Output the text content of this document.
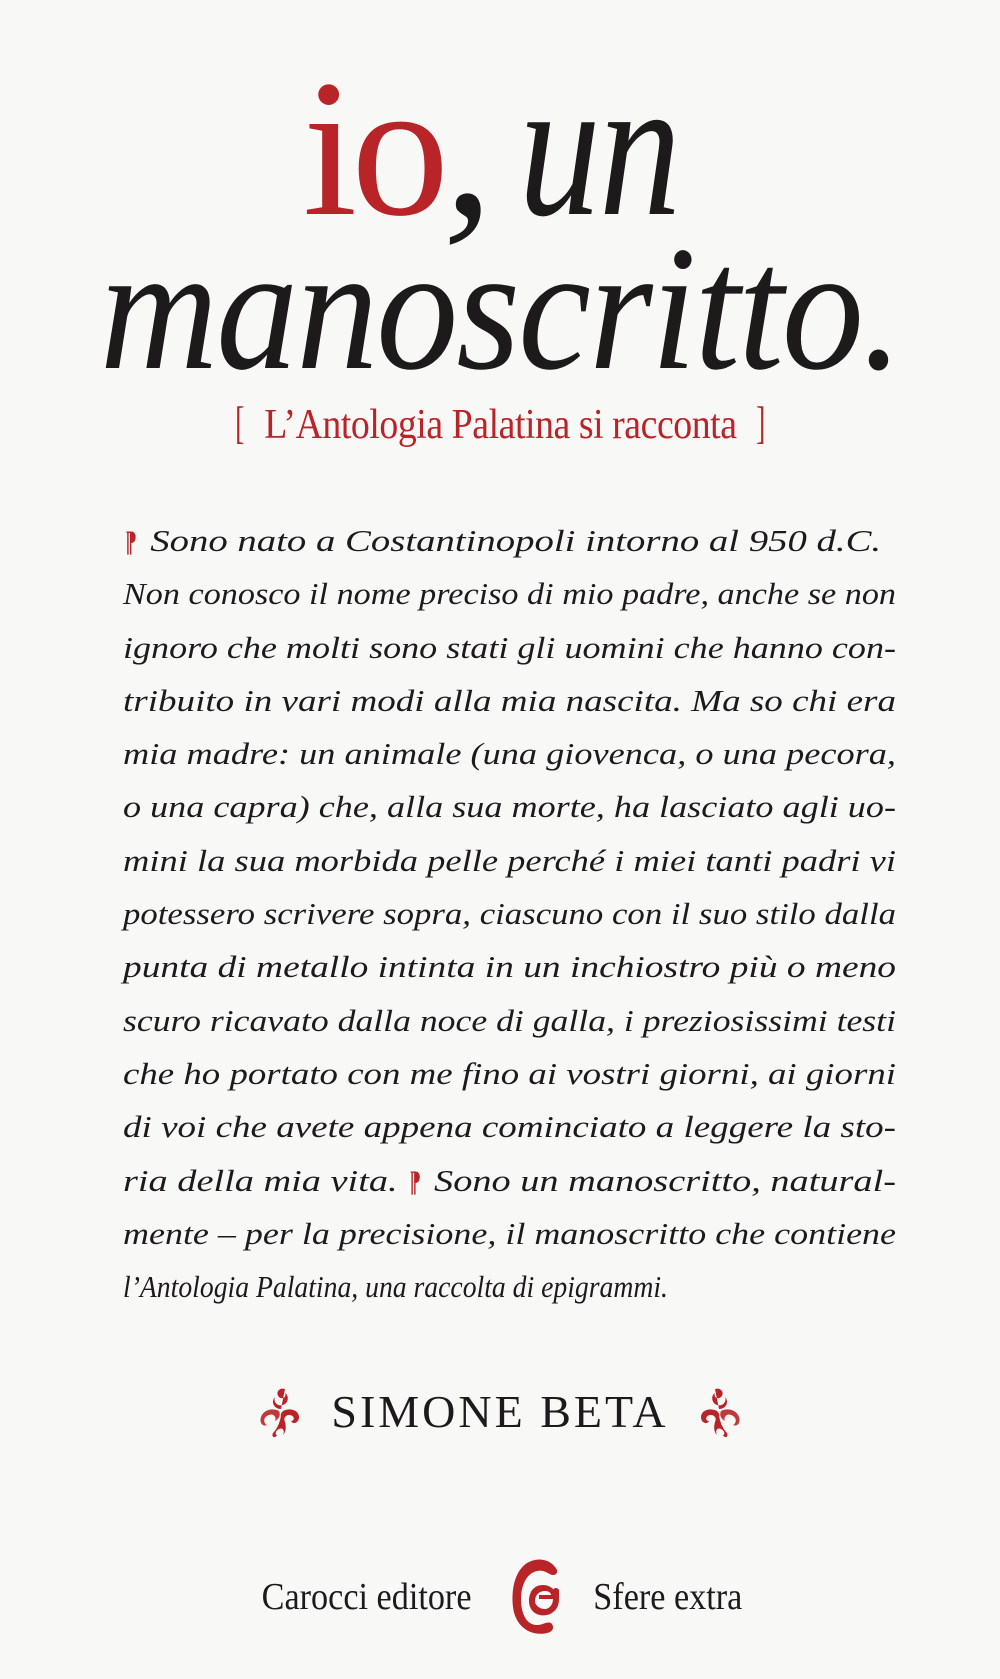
io, un
manoscritto.
[ L’Antologia Palatina si racconta ]
¶ Sono nato a Costantinopoli intorno al 950 d.C.
Non conosco il nome preciso di mio padre, anche se non
ignoro che molti sono stati gli uomini che hanno con-
tribuito in vari modi alla mia nascita. Ma so chi era
mia madre: un animale (una giovenca, o una pecora,
o una capra) che, alla sua morte, ha lasciato agli uo-
mini la sua morbida pelle perché i miei tanti padri vi
potessero scrivere sopra, ciascuno con il suo stilo dalla
punta di metallo intinta in un inchiostro più o meno
scuro ricavato dalla noce di galla, i preziosissimi testi
che ho portato con me fino ai vostri giorni, ai giorni
di voi che avete appena cominciato a leggere la sto-
ria della mia vita. ¶ Sono un manoscritto, natural-
mente – per la precisione, il manoscritto che contiene
l’Antologia Palatina, una raccolta di epigrammi.
SIMONE BETA
Carocci editore	Sfere extra
